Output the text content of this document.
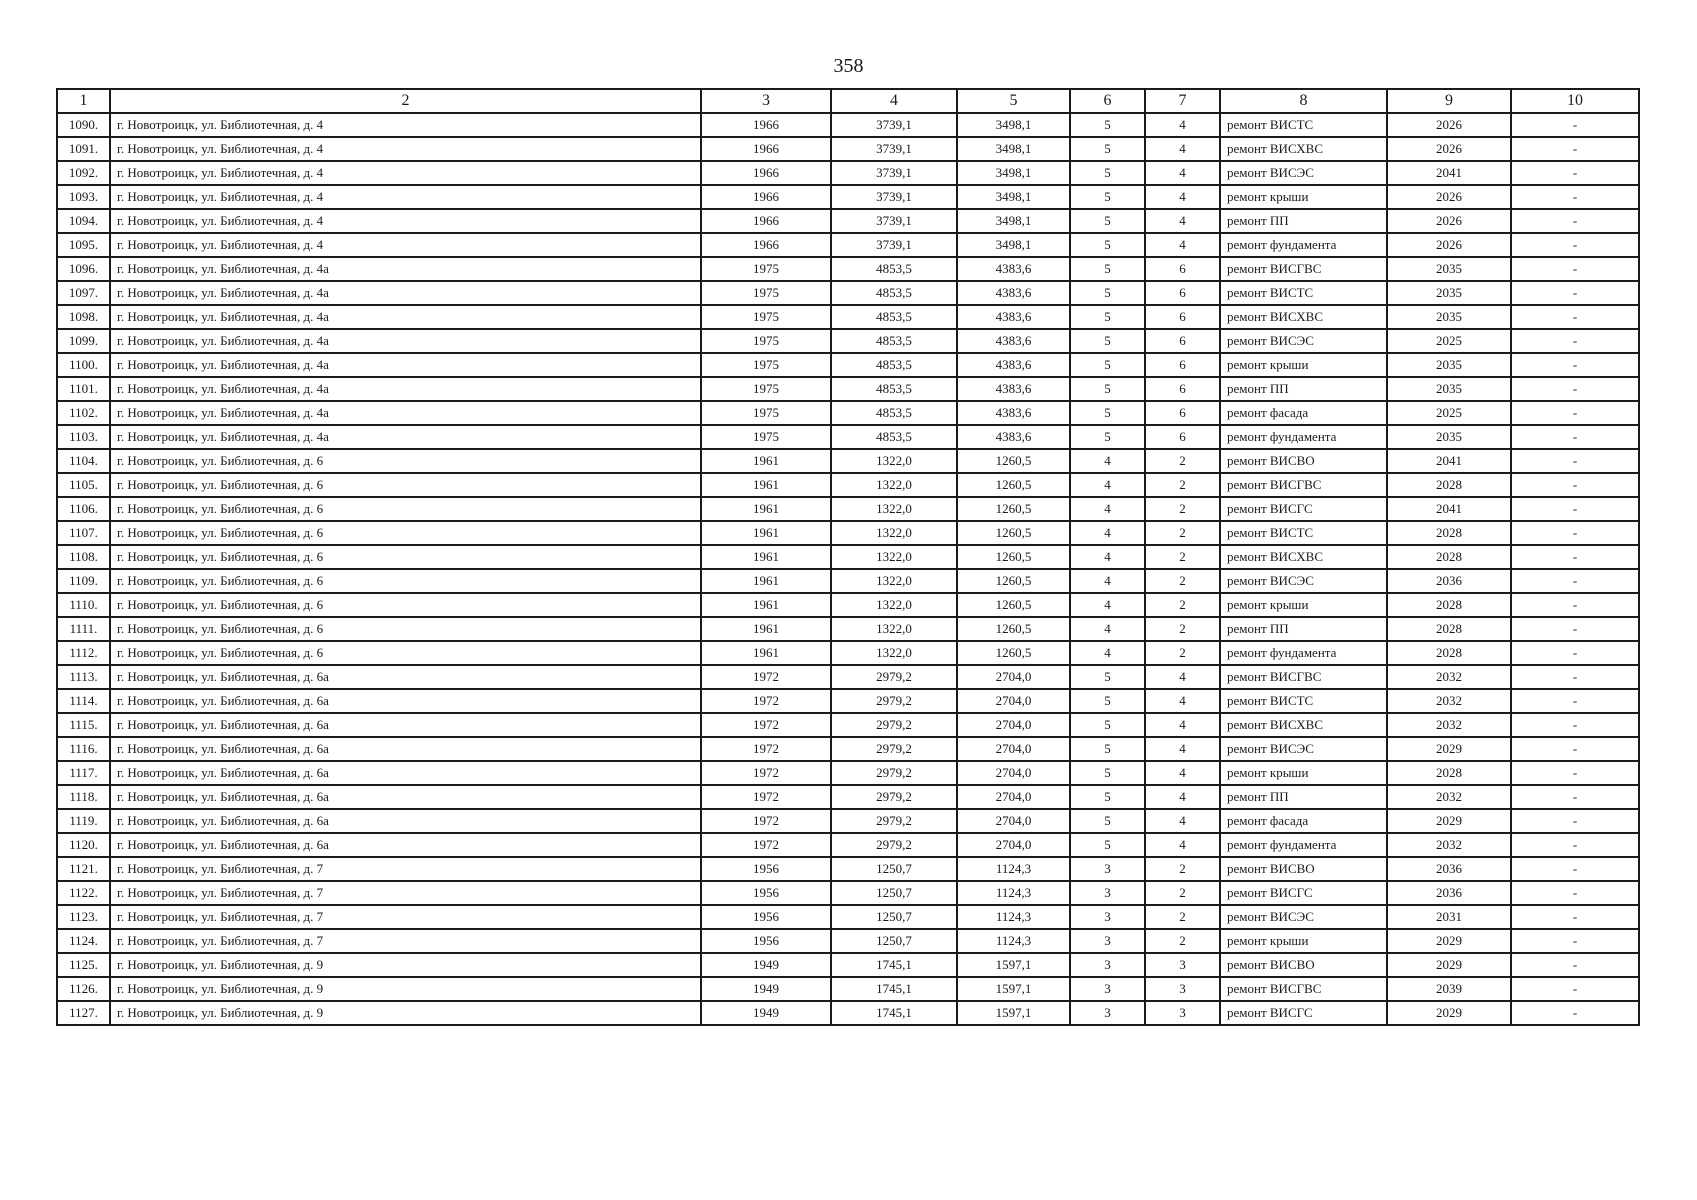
358
1	2	3	4	5	6	7	8	9	10
1090.	г. Новотроицк, ул. Библиотечная, д. 4	1966	3739,1	3498,1	5	4	ремонт ВИСТС	2026	-
1091.	г. Новотроицк, ул. Библиотечная, д. 4	1966	3739,1	3498,1	5	4	ремонт ВИСХВС	2026	-
1092.	г. Новотроицк, ул. Библиотечная, д. 4	1966	3739,1	3498,1	5	4	ремонт ВИСЭС	2041	-
1093.	г. Новотроицк, ул. Библиотечная, д. 4	1966	3739,1	3498,1	5	4	ремонт крыши	2026	-
1094.	г. Новотроицк, ул. Библиотечная, д. 4	1966	3739,1	3498,1	5	4	ремонт ПП	2026	-
1095.	г. Новотроицк, ул. Библиотечная, д. 4	1966	3739,1	3498,1	5	4	ремонт фундамента	2026	-
1096.	г. Новотроицк, ул. Библиотечная, д. 4а	1975	4853,5	4383,6	5	6	ремонт ВИСГВС	2035	-
1097.	г. Новотроицк, ул. Библиотечная, д. 4а	1975	4853,5	4383,6	5	6	ремонт ВИСТС	2035	-
1098.	г. Новотроицк, ул. Библиотечная, д. 4а	1975	4853,5	4383,6	5	6	ремонт ВИСХВС	2035	-
1099.	г. Новотроицк, ул. Библиотечная, д. 4а	1975	4853,5	4383,6	5	6	ремонт ВИСЭС	2025	-
1100.	г. Новотроицк, ул. Библиотечная, д. 4а	1975	4853,5	4383,6	5	6	ремонт крыши	2035	-
1101.	г. Новотроицк, ул. Библиотечная, д. 4а	1975	4853,5	4383,6	5	6	ремонт ПП	2035	-
1102.	г. Новотроицк, ул. Библиотечная, д. 4а	1975	4853,5	4383,6	5	6	ремонт фасада	2025	-
1103.	г. Новотроицк, ул. Библиотечная, д. 4а	1975	4853,5	4383,6	5	6	ремонт фундамента	2035	-
1104.	г. Новотроицк, ул. Библиотечная, д. 6	1961	1322,0	1260,5	4	2	ремонт ВИСВО	2041	-
1105.	г. Новотроицк, ул. Библиотечная, д. 6	1961	1322,0	1260,5	4	2	ремонт ВИСГВС	2028	-
1106.	г. Новотроицк, ул. Библиотечная, д. 6	1961	1322,0	1260,5	4	2	ремонт ВИСГС	2041	-
1107.	г. Новотроицк, ул. Библиотечная, д. 6	1961	1322,0	1260,5	4	2	ремонт ВИСТС	2028	-
1108.	г. Новотроицк, ул. Библиотечная, д. 6	1961	1322,0	1260,5	4	2	ремонт ВИСХВС	2028	-
1109.	г. Новотроицк, ул. Библиотечная, д. 6	1961	1322,0	1260,5	4	2	ремонт ВИСЭС	2036	-
1110.	г. Новотроицк, ул. Библиотечная, д. 6	1961	1322,0	1260,5	4	2	ремонт крыши	2028	-
1111.	г. Новотроицк, ул. Библиотечная, д. 6	1961	1322,0	1260,5	4	2	ремонт ПП	2028	-
1112.	г. Новотроицк, ул. Библиотечная, д. 6	1961	1322,0	1260,5	4	2	ремонт фундамента	2028	-
1113.	г. Новотроицк, ул. Библиотечная, д. 6а	1972	2979,2	2704,0	5	4	ремонт ВИСГВС	2032	-
1114.	г. Новотроицк, ул. Библиотечная, д. 6а	1972	2979,2	2704,0	5	4	ремонт ВИСТС	2032	-
1115.	г. Новотроицк, ул. Библиотечная, д. 6а	1972	2979,2	2704,0	5	4	ремонт ВИСХВС	2032	-
1116.	г. Новотроицк, ул. Библиотечная, д. 6а	1972	2979,2	2704,0	5	4	ремонт ВИСЭС	2029	-
1117.	г. Новотроицк, ул. Библиотечная, д. 6а	1972	2979,2	2704,0	5	4	ремонт крыши	2028	-
1118.	г. Новотроицк, ул. Библиотечная, д. 6а	1972	2979,2	2704,0	5	4	ремонт ПП	2032	-
1119.	г. Новотроицк, ул. Библиотечная, д. 6а	1972	2979,2	2704,0	5	4	ремонт фасада	2029	-
1120.	г. Новотроицк, ул. Библиотечная, д. 6а	1972	2979,2	2704,0	5	4	ремонт фундамента	2032	-
1121.	г. Новотроицк, ул. Библиотечная, д. 7	1956	1250,7	1124,3	3	2	ремонт ВИСВО	2036	-
1122.	г. Новотроицк, ул. Библиотечная, д. 7	1956	1250,7	1124,3	3	2	ремонт ВИСГС	2036	-
1123.	г. Новотроицк, ул. Библиотечная, д. 7	1956	1250,7	1124,3	3	2	ремонт ВИСЭС	2031	-
1124.	г. Новотроицк, ул. Библиотечная, д. 7	1956	1250,7	1124,3	3	2	ремонт крыши	2029	-
1125.	г. Новотроицк, ул. Библиотечная, д. 9	1949	1745,1	1597,1	3	3	ремонт ВИСВО	2029	-
1126.	г. Новотроицк, ул. Библиотечная, д. 9	1949	1745,1	1597,1	3	3	ремонт ВИСГВС	2039	-
1127.	г. Новотроицк, ул. Библиотечная, д. 9	1949	1745,1	1597,1	3	3	ремонт ВИСГС	2029	-
